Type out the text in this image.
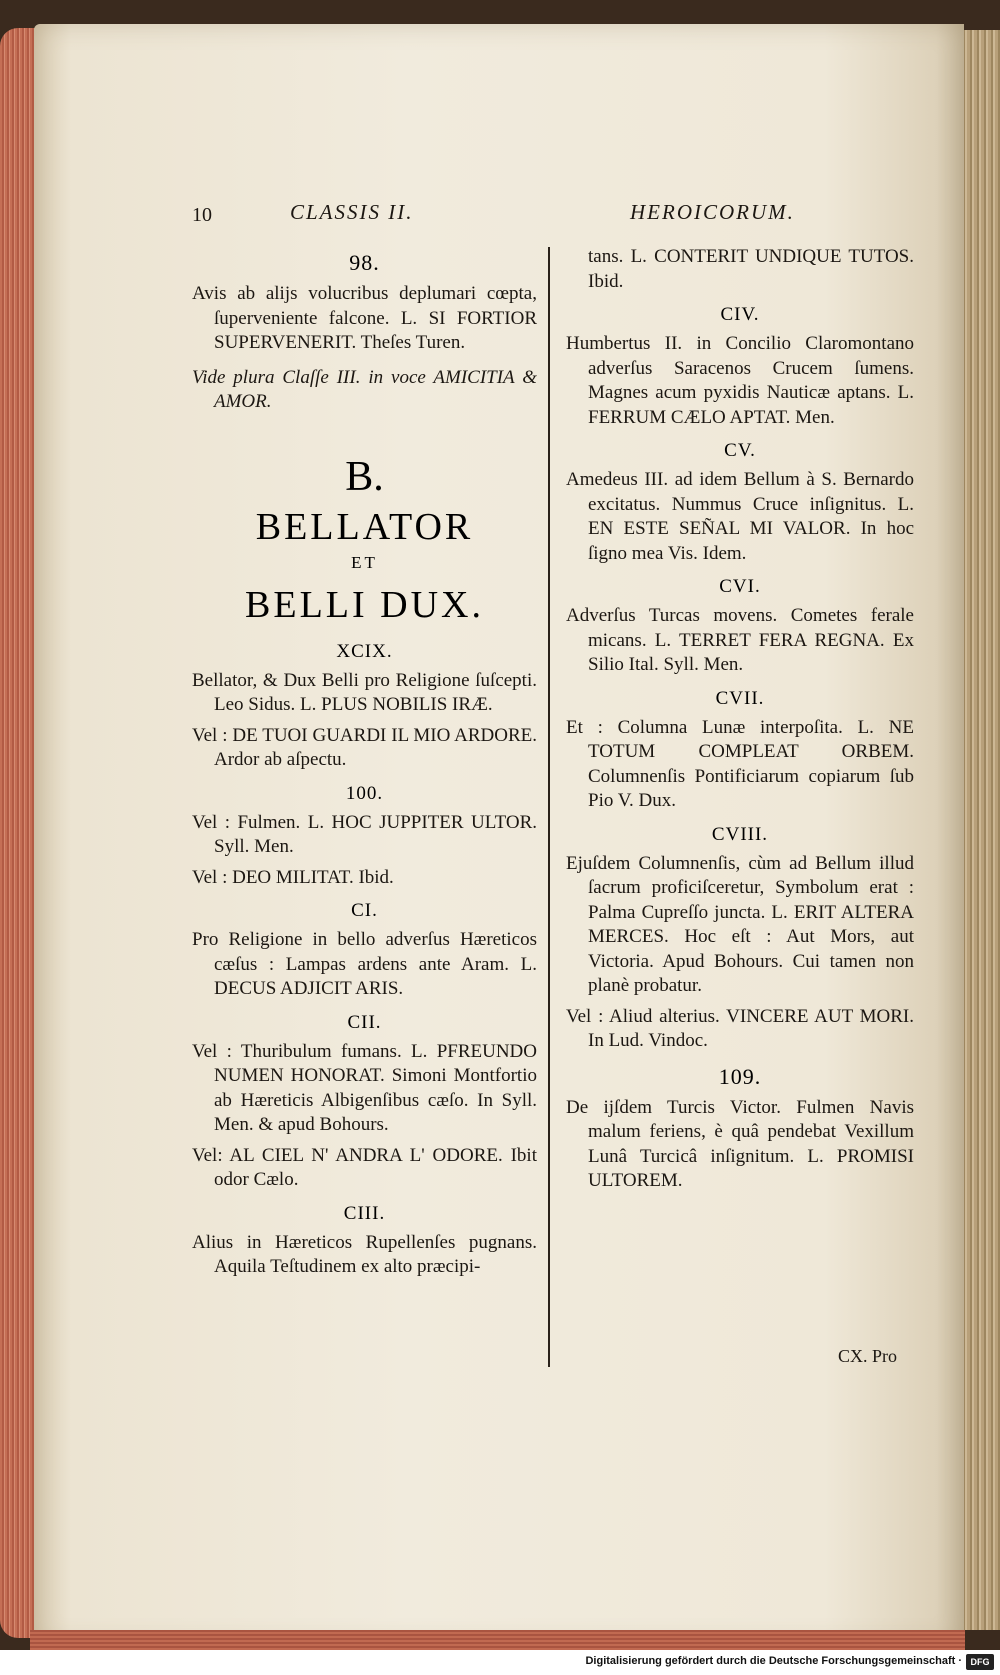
10	CLASSIS II.	HEROICORUM.
98.
Avis ab alijs volucribus deplumari cœpta, ſuperveniente falcone. L. SI FORTIOR SUPERVENERIT. Theſes Turen.
Vide plura Claſſe III. in voce AMICITIA & AMOR.
B.
BELLATOR
ET
BELLI DUX.
XCIX.
Bellator, & Dux Belli pro Religione ſuſcepti. Leo Sidus. L. PLUS NOBILIS IRÆ.
Vel : DE TUOI GUARDI IL MIO ARDORE. Ardor ab aſpectu.
100.
Vel : Fulmen. L. HOC JUPPITER ULTOR. Syll. Men.
Vel : DEO MILITAT. Ibid.
CI.
Pro Religione in bello adverſus Hæreticos cæſus : Lampas ardens ante Aram. L. DECUS ADJICIT ARIS.
CII.
Vel : Thuribulum fumans. L. PFREUNDO NUMEN HONORAT. Simoni Montfortio ab Hæreticis Albigenſibus cæſo. In Syll. Men. & apud Bohours.
Vel: AL CIEL N' ANDRA L' ODORE. Ibit odor Cælo.
CIII.
Alius in Hæreticos Rupellenſes pugnans. Aquila Teſtudinem ex alto præcipi-
tans. L. CONTERIT UNDIQUE TUTOS. Ibid.
CIV.
Humbertus II. in Concilio Claromontano adverſus Saracenos Crucem ſumens. Magnes acum pyxidis Nauticæ aptans. L. FERRUM CÆLO APTAT. Men.
CV.
Amedeus III. ad idem Bellum à S. Bernardo excitatus. Nummus Cruce inſignitus. L. EN ESTE SEÑAL MI VALOR. In hoc ſigno mea Vis. Idem.
CVI.
Adverſus Turcas movens. Cometes ferale micans. L. TERRET FERA REGNA. Ex Silio Ital. Syll. Men.
CVII.
Et : Columna Lunæ interpoſita. L. NE TOTUM COMPLEAT ORBEM. Columnenſis Pontificiarum copiarum ſub Pio V. Dux.
CVIII.
Ejuſdem Columnenſis, cùm ad Bellum illud ſacrum proficiſceretur, Symbolum erat : Palma Cupreſſo juncta. L. ERIT ALTERA MERCES. Hoc eſt : Aut Mors, aut Victoria. Apud Bohours. Cui tamen non planè probatur.
Vel : Aliud alterius. VINCERE AUT MORI. In Lud. Vindoc.
109.
De ijſdem Turcis Victor. Fulmen Navis malum feriens, è quâ pendebat Vexillum Lunâ Turcicâ inſignitum. L. PROMISI ULTOREM.
CX. Pro
Digitalisierung gefördert durch die Deutsche Forschungsgemeinschaft · DFG
